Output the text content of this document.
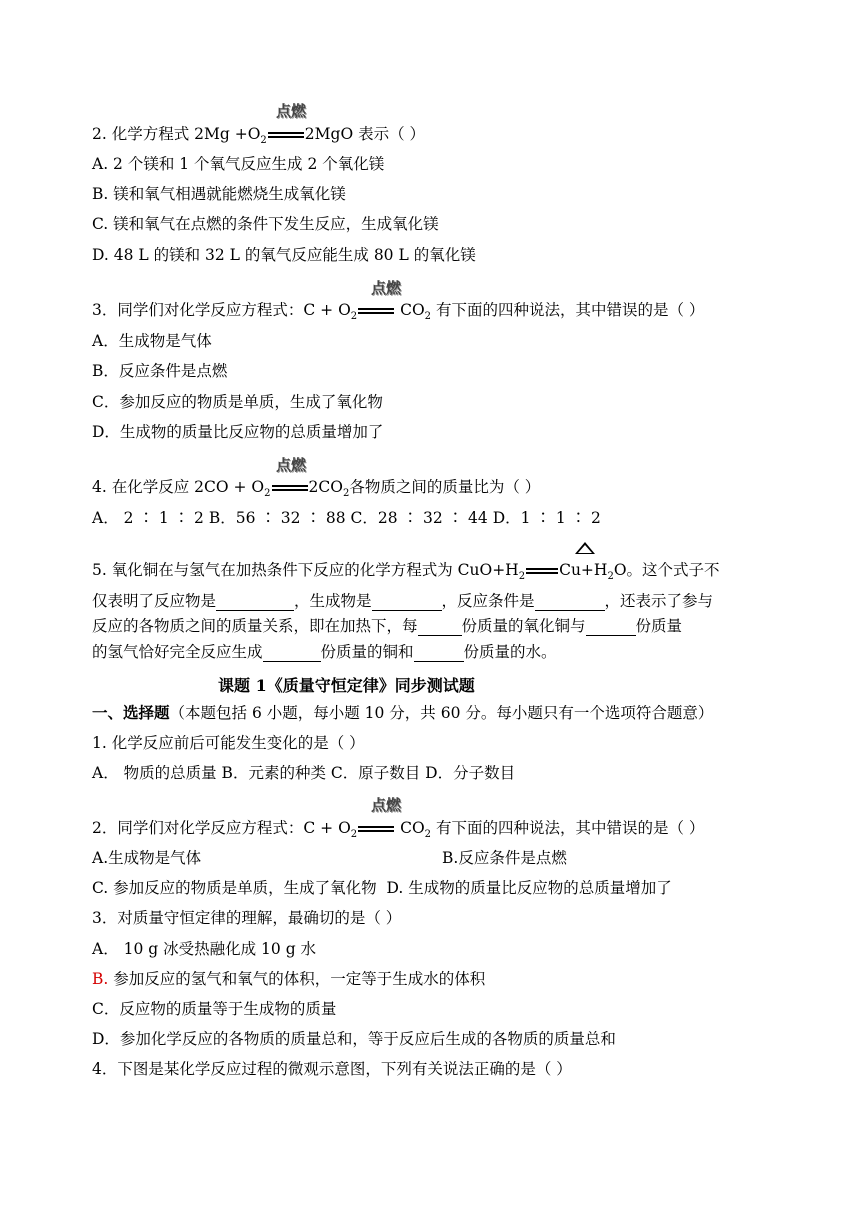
点燃
2. 化学方程式 $2Mg +O_2$ 2MgO 表示（ ）
A. 2 个镁和 1 个氧气反应生成 2 个氧化镁
B. 镁和氧气相遇就能燃烧生成氧化镁
C. 镁和氧气在点燃的条件下发生反应，生成氧化镁
D. 48 L 的镁和 32 L 的氧气反应能生成 80 L 的氧化镁
点燃
3．同学们对化学反应方程式：$C + O_2$ $CO_2$ 有下面的四种说法，其中错误的是（ ）
A．生成物是气体
B．反应条件是点燃
C．参加反应的物质是单质，生成了氧化物
D．生成物的质量比反应物的总质量增加了
点燃
4. 在化学反应 $2CO + O_2$ $2CO_2$各物质之间的质量比为（ ）
A． 2 ∶ 1 ∶ 2 B．56 ∶ 32 ∶ 88 C．28 ∶ 32 ∶ 44 D．1 ∶ 1 ∶ 2
5. 氧化铜在与氢气在加热条件下反应的化学方程式为 $CuO+H_2$ $Cu+H_2O$。这个式子不
仅表明了反应物是	，生成物是	，反应条件是	，还表示了参与
反应的各物质之间的质量关系，即在加热下，每	份质量的氧化铜与	份质量
的氢气恰好完全反应生成	份质量的铜和	份质量的水。
课题 1《质量守恒定律》同步测试题
一、选择题（本题包括 6 小题，每小题 10 分，共 60 分。每小题只有一个选项符合题意）
1. 化学反应前后可能发生变化的是（ ）
A． 物质的总质量 B．元素的种类 C．原子数目 D．分子数目
点燃
2．同学们对化学反应方程式：$C + O_2$ $CO_2$ 有下面的四种说法，其中错误的是（ ）
A.生成物是气体	B.反应条件是点燃
C. 参加反应的物质是单质，生成了氧化物 D. 生成物的质量比反应物的总质量增加了
3．对质量守恒定律的理解，最确切的是（ ）
A． 10 g 冰受热融化成 10 g 水
B. 参加反应的氢气和氧气的体积，一定等于生成水的体积
C．反应物的质量等于生成物的质量
D．参加化学反应的各物质的质量总和，等于反应后生成的各物质的质量总和
4．下图是某化学反应过程的微观示意图，下列有关说法正确的是（ ）
